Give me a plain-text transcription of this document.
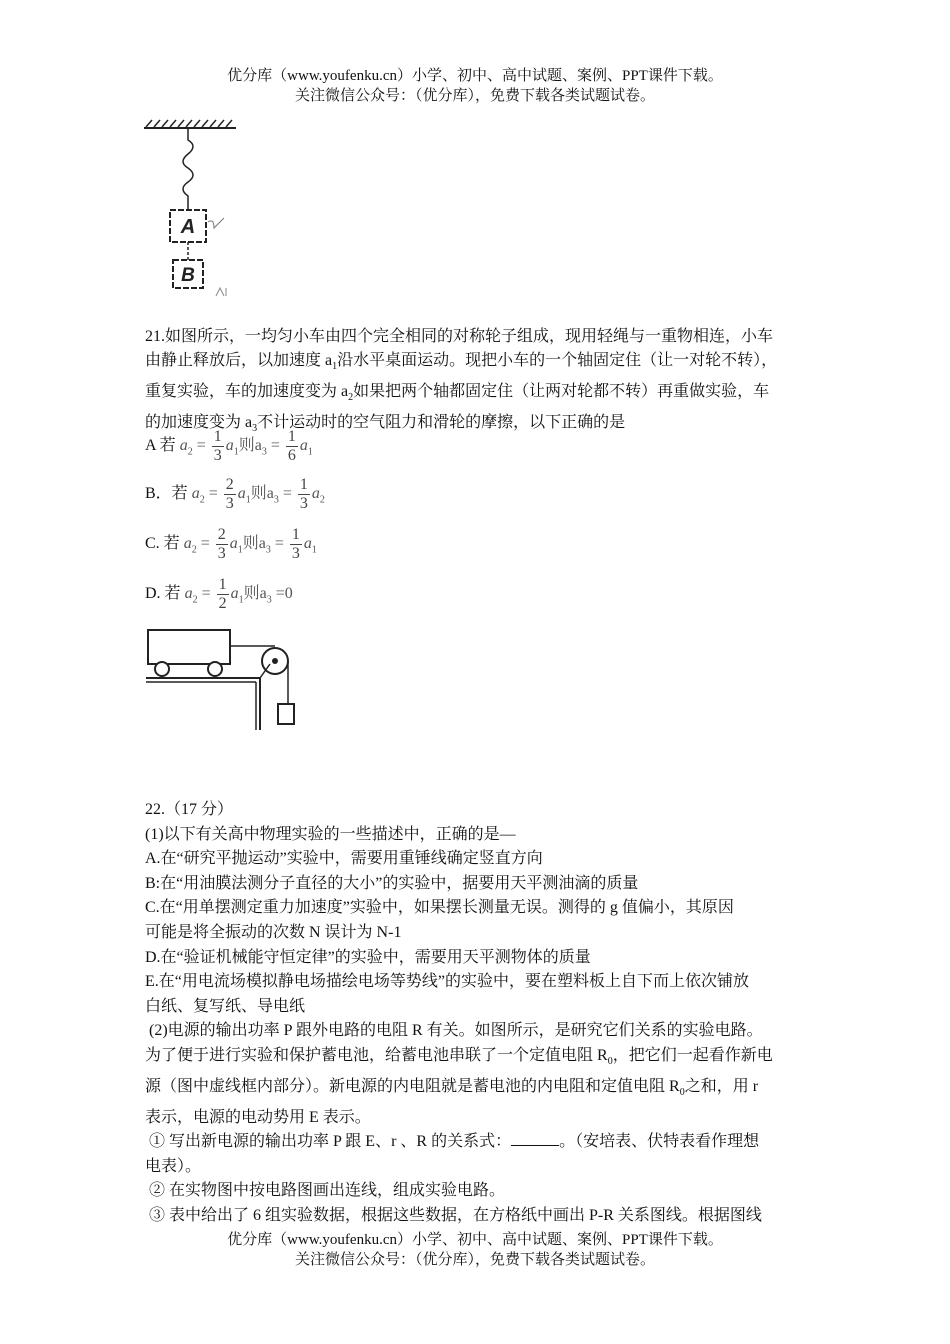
优分库（www.youfenku.cn）小学、初中、高中试题、案例、PPT课件下载。
关注微信公众号：（优分库），免费下载各类试题试卷。
A
B

21.如图所示，一均匀小车由四个完全相同的对称轮子组成，现用轻绳与一重物相连，小车
由静止释放后，以加速度 $a_1$沿水平桌面运动。现把小车的一个轴固定住（让一对轮不转），
重复实验，车的加速度变为 $a_2$如果把两个轴都固定住（让两对轮都不转）再重做实验，车
的加速度变为 $a_3$不计运动时的空气阻力和滑轮的摩擦，以下正确的是

A 若 $a_2 = \frac{1}{3} a_1$则$a_3 = \frac{1}{6} a_1$
B．若 $a_2 = \frac{2}{3} a_1$则$a_3 = \frac{1}{3} a_2$
C. 若 $a_2 = \frac{2}{3} a_1$则$a_3 = \frac{1}{3} a_1$
D. 若 $a_2 = \frac{1}{2} a_1$则$a_3 =0$
22.（17 分）
(1)以下有关高中物理实验的一些描述中，正确的是—
A.在“研究平抛运动”实验中，需要用重锤线确定竖直方向
B:在“用油膜法测分子直径的大小”的实验中，据要用天平测油滴的质量
C.在“用单摆测定重力加速度”实验中，如果摆长测量无误。测得的 g 值偏小，其原因
可能是将全振动的次数 N 误计为 N-1
D.在“验证机械能守恒定律”的实验中，需要用天平测物体的质量
E.在“用电流场模拟静电场描绘电场等势线”的实验中，要在塑料板上自下而上依次铺放
白纸、复写纸、导电纸
(2)电源的输出功率 P 跟外电路的电阻 R 有关。如图所示，是研究它们关系的实验电路。
为了便于进行实验和保护蓄电池，给蓄电池串联了一个定值电阻 $R_0$，把它们一起看作新电
源（图中虚线框内部分）。新电源的内电阻就是蓄电池的内电阻和定值电阻 $R_0$之和，用 r
表示，电源的电动势用 E 表示。
① 写出新电源的输出功率 P 跟 E、r 、R 的关系式：	。（安培表、伏特表看作理想
电表）。
② 在实物图中按电路图画出连线，组成实验电路。
③ 表中给出了 6 组实验数据，根据这些数据，在方格纸中画出 P-R 关系图线。根据图线
优分库（www.youfenku.cn）小学、初中、高中试题、案例、PPT课件下载。
关注微信公众号：（优分库），免费下载各类试题试卷。
